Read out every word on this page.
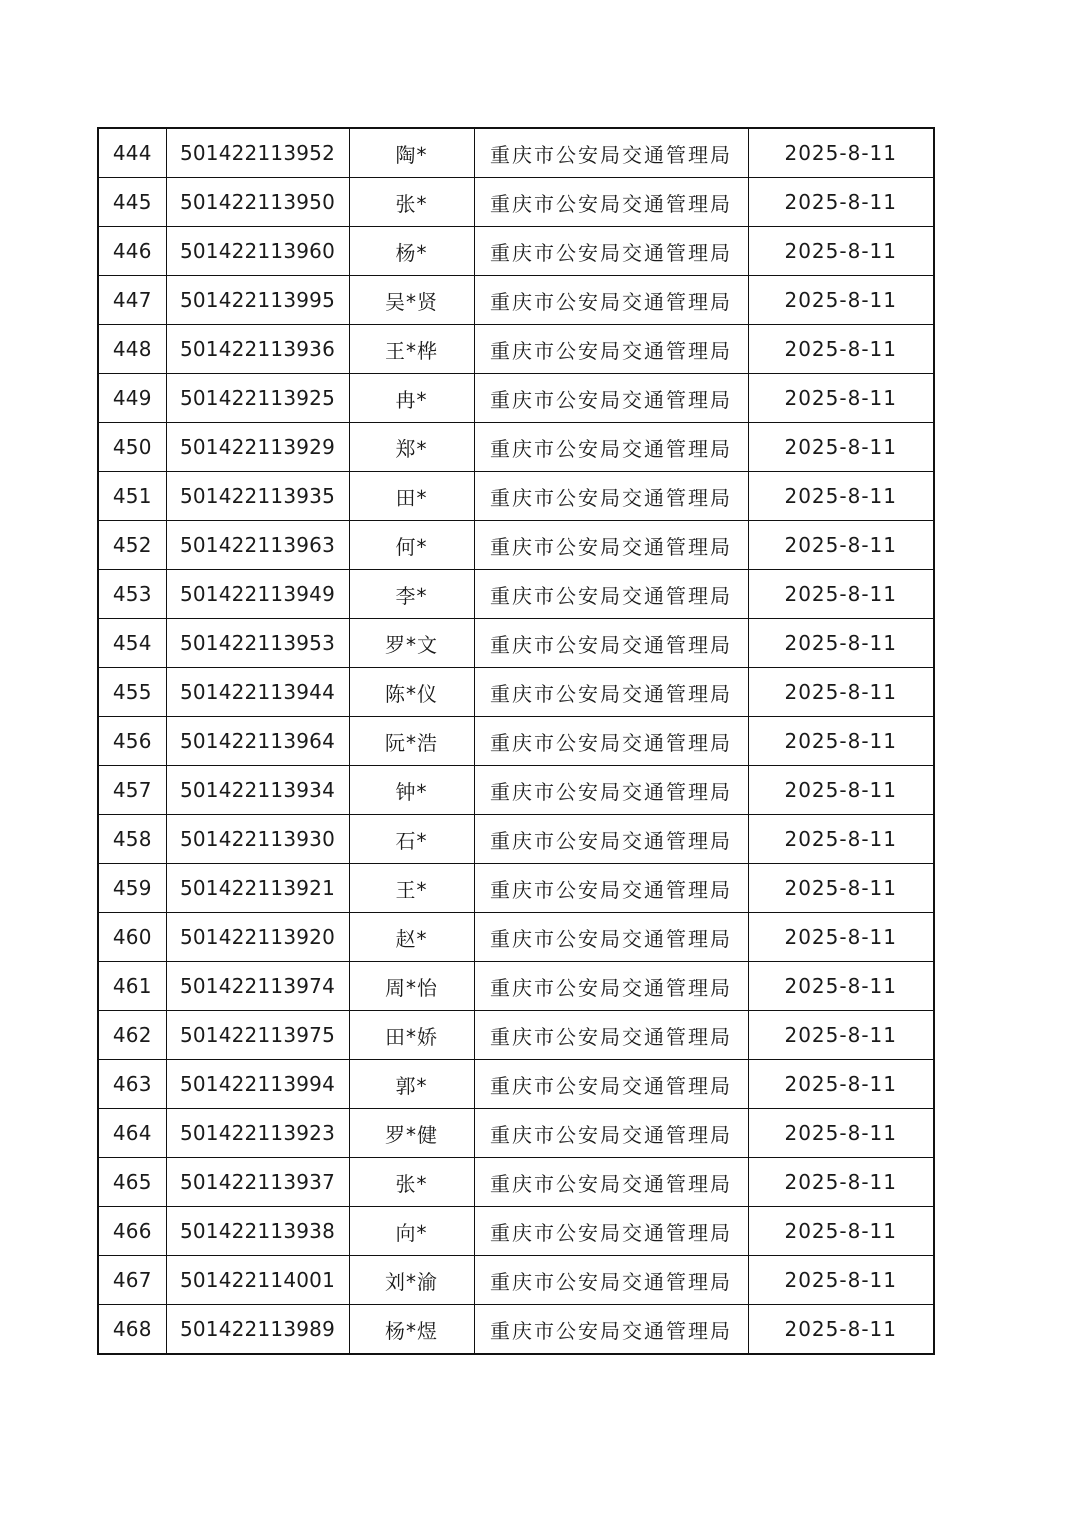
444	501422113952	陶*	重庆市公安局交通管理局	2025-8-11
445	501422113950	张*	重庆市公安局交通管理局	2025-8-11
446	501422113960	杨*	重庆市公安局交通管理局	2025-8-11
447	501422113995	吴*贤	重庆市公安局交通管理局	2025-8-11
448	501422113936	王*桦	重庆市公安局交通管理局	2025-8-11
449	501422113925	冉*	重庆市公安局交通管理局	2025-8-11
450	501422113929	郑*	重庆市公安局交通管理局	2025-8-11
451	501422113935	田*	重庆市公安局交通管理局	2025-8-11
452	501422113963	何*	重庆市公安局交通管理局	2025-8-11
453	501422113949	李*	重庆市公安局交通管理局	2025-8-11
454	501422113953	罗*文	重庆市公安局交通管理局	2025-8-11
455	501422113944	陈*仪	重庆市公安局交通管理局	2025-8-11
456	501422113964	阮*浩	重庆市公安局交通管理局	2025-8-11
457	501422113934	钟*	重庆市公安局交通管理局	2025-8-11
458	501422113930	石*	重庆市公安局交通管理局	2025-8-11
459	501422113921	王*	重庆市公安局交通管理局	2025-8-11
460	501422113920	赵*	重庆市公安局交通管理局	2025-8-11
461	501422113974	周*怡	重庆市公安局交通管理局	2025-8-11
462	501422113975	田*娇	重庆市公安局交通管理局	2025-8-11
463	501422113994	郭*	重庆市公安局交通管理局	2025-8-11
464	501422113923	罗*健	重庆市公安局交通管理局	2025-8-11
465	501422113937	张*	重庆市公安局交通管理局	2025-8-11
466	501422113938	向*	重庆市公安局交通管理局	2025-8-11
467	501422114001	刘*渝	重庆市公安局交通管理局	2025-8-11
468	501422113989	杨*煜	重庆市公安局交通管理局	2025-8-11
